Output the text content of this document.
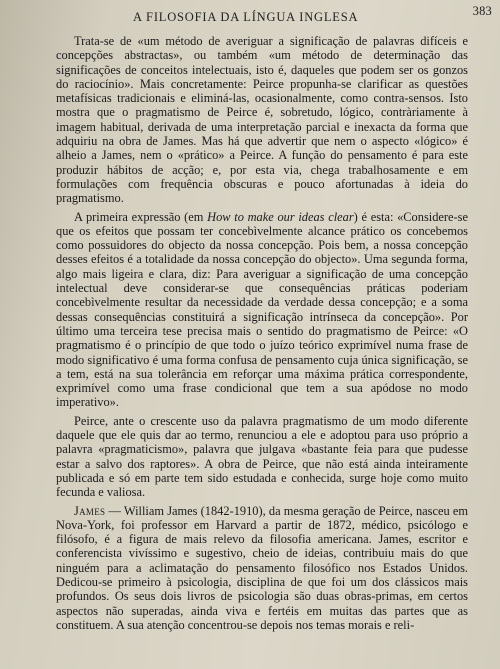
A FILOSOFIA DA LÍNGUA INGLESA	383

Trata-se de «um método de averiguar a significação de palavras difíceis e concepções abstractas», ou também «um método de determinação das significações de conceitos intelectuais, isto é, daqueles que podem ser os gonzos do raciocínio». Mais concretamente: Peirce propunha-se clarificar as questões metafísicas tradicionais e eliminá-las, ocasionalmente, como contra-sensos. Isto mostra que o pragmatismo de Peirce é, sobretudo, lógico, contràriamente à imagem habitual, derivada de uma interpretação parcial e inexacta da forma que adquiriu na obra de James. Mas há que advertir que nem o aspecto «lógico» é alheio a James, nem o «prático» a Peirce. A função do pensamento é para este produzir hábitos de acção; e, por esta via, chega trabalhosamente e em formulações com frequência obscuras e pouco afortunadas à ideia do pragmatismo.

A primeira expressão (em How to make our ideas clear) é esta: «Considere-se que os efeitos que possam ter concebìvelmente alcance prático os concebemos como possuidores do objecto da nossa concepção. Pois bem, a nossa concepção desses efeitos é a totalidade da nossa concepção do objecto». Uma segunda forma, algo mais ligeira e clara, diz: Para averiguar a significação de uma concepção intelectual deve considerar-se que consequências práticas poderiam concebìvelmente resultar da necessidade da verdade dessa concepção; e a soma dessas consequências constituirá a significação intrínseca da concepção». Por último uma terceira tese precisa mais o sentido do pragmatismo de Peirce: «O pragmatismo é o princípio de que todo o juízo teórico exprimível numa frase de modo significativo é uma forma confusa de pensamento cuja única significação, se a tem, está na sua tolerância em reforçar uma máxima prática correspondente, exprimível como uma frase condicional que tem a sua apódose no modo imperativo».

Peirce, ante o crescente uso da palavra pragmatismo de um modo diferente daquele que ele quis dar ao termo, renunciou a ele e adoptou para uso próprio a palavra «pragmaticismo», palavra que julgava «bastante feia para que pudesse estar a salvo dos raptores». A obra de Peirce, que não está ainda inteiramente publicada e só em parte tem sido estudada e conhecida, surge hoje como muito fecunda e valiosa.

James — William James (1842-1910), da mesma geração de Peirce, nasceu em Nova-York, foi professor em Harvard a partir de 1872, médico, psicólogo e filósofo, é a figura de mais relevo da filosofia americana. James, escritor e conferencista vivíssimo e sugestivo, cheio de ideias, contribuiu mais do que ninguém para a aclimatação do pensamento filosófico nos Estados Unidos. Dedicou-se primeiro à psicologia, disciplina de que foi um dos clássicos mais profundos. Os seus dois livros de psicologia são duas obras-primas, em certos aspectos não superadas, ainda viva e fertéis em muitas das partes que as constituem. A sua atenção concentrou-se depois nos temas morais e reli-
